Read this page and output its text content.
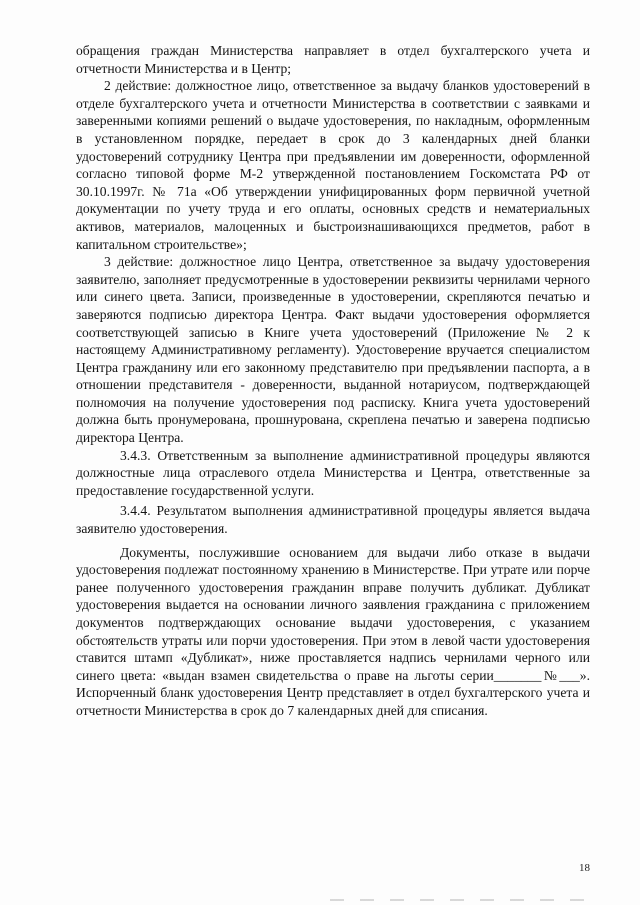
обращения граждан Министерства направляет в отдел бухгалтерского учета и отчетности Министерства и в Центр;

2 действие: должностное лицо, ответственное за выдачу бланков удостоверений в отделе бухгалтерского учета и отчетности Министерства в соответствии с заявками и заверенными копиями решений о выдаче удостоверения, по накладным, оформленным в установленном порядке, передает в срок до 3 календарных дней бланки удостоверений сотруднику Центра при предъявлении им доверенности, оформленной согласно типовой форме М-2 утвержденной постановлением Госкомстата РФ от 30.10.1997г. № 71а «Об утверждении унифицированных форм первичной учетной документации по учету труда и его оплаты, основных средств и нематериальных активов, материалов, малоценных и быстроизнашивающихся предметов, работ в капитальном строительстве»;

3 действие: должностное лицо Центра, ответственное за выдачу удостоверения заявителю, заполняет предусмотренные в удостоверении реквизиты чернилами черного или синего цвета. Записи, произведенные в удостоверении, скрепляются печатью и заверяются подписью директора Центра. Факт выдачи удостоверения оформляется соответствующей записью в Книге учета удостоверений (Приложение № 2 к настоящему Административному регламенту). Удостоверение вручается специалистом Центра гражданину или его законному представителю при предъявлении паспорта, а в отношении представителя - доверенности, выданной нотариусом, подтверждающей полномочия на получение удостоверения под расписку. Книга учета удостоверений должна быть пронумерована, прошнурована, скреплена печатью и заверена подписью директора Центра.

3.4.3. Ответственным за выполнение административной процедуры являются должностные лица отраслевого отдела Министерства и Центра, ответственные за предоставление государственной услуги.

3.4.4. Результатом выполнения административной процедуры является выдача заявителю удостоверения.

Документы, послужившие основанием для выдачи либо отказе в выдачи удостоверения подлежат постоянному хранению в Министерстве. При утрате или порче ранее полученного удостоверения гражданин вправе получить дубликат. Дубликат удостоверения выдается на основании личного заявления гражданина с приложением документов подтверждающих основание выдачи удостоверения, с указанием обстоятельств утраты или порчи удостоверения. При этом в левой части удостоверения ставится штамп «Дубликат», ниже проставляется надпись чернилами черного или синего цвета: «выдан взамен свидетельства о праве на льготы серии_______№___». Испорченный бланк удостоверения Центр представляет в отдел бухгалтерского учета и отчетности Министерства в срок до 7 календарных дней для списания.

18
